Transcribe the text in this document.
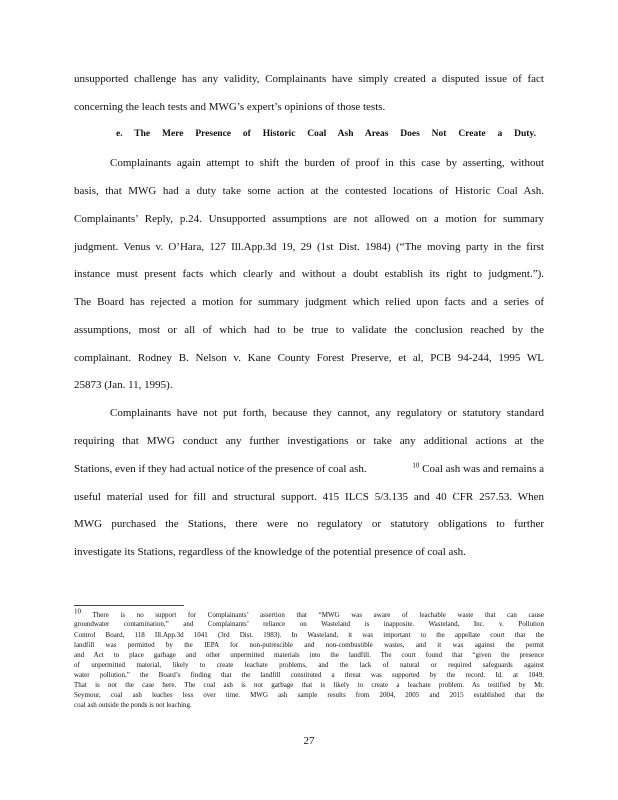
unsupported challenge has any validity, Complainants have simply created a disputed issue of fact
concerning the leach tests and MWG’s expert’s opinions of those tests.
e. The Mere Presence of Historic Coal Ash Areas Does Not Create a Duty.
Complainants again attempt to shift the burden of proof in this case by asserting, without
basis, that MWG had a duty take some action at the contested locations of Historic Coal Ash.
Complainants’ Reply, p.24. Unsupported assumptions are not allowed on a motion for summary
judgment. Venus v. O’Hara, 127 Ill.App.3d 19, 29 (1st Dist. 1984) (“The moving party in the first
instance must present facts which clearly and without a doubt establish its right to judgment.”).
The Board has rejected a motion for summary judgment which relied upon facts and a series of
assumptions, most or all of which had to be true to validate the conclusion reached by the
complainant. Rodney B. Nelson v. Kane County Forest Preserve, et al, PCB 94-244, 1995 WL
25873 (Jan. 11, 1995).
Complainants have not put forth, because they cannot, any regulatory or statutory standard
requiring that MWG conduct any further investigations or take any additional actions at the
Stations, even if they had actual notice of the presence of coal ash.	$^{10}$ Coal ash was and remains a
useful material used for fill and structural support. 415 ILCS 5/3.135 and 40 CFR 257.53. When
MWG purchased the Stations, there were no regulatory or statutory obligations to further
investigate its Stations, regardless of the knowledge of the potential presence of coal ash.
$^{10}$ There is no support for Complainants’ assertion that “MWG was aware of leachable waste that can cause
groundwater contamination,” and Complainants’ reliance on Wasteland is inapposite. Wasteland, Inc. v. Pollution
Control Board, 118 Ill.App.3d 1041 (3rd Dist. 1983). In Wasteland, it was important to the appellate court that the
landfill was permitted by the IEPA for non-putrescible and non-combustible wastes, and it was against the permit
and Act to place garbage and other unpermitted materials into the landfill. The court found that “given the presence
of unpermitted material, likely to create leachate problems, and the lack of natural or required safeguards against
water pollution,” the Board’s finding that the landfill constituted a threat was supported by the record. Id. at 1049.
That is not the case here. The coal ash is not garbage that is likely to create a leachate problem. As testified by Mr.
Seymour, coal ash leaches less over time. MWG ash sample results from 2004, 2005 and 2015 established that the
coal ash outside the ponds is not leaching.
27
